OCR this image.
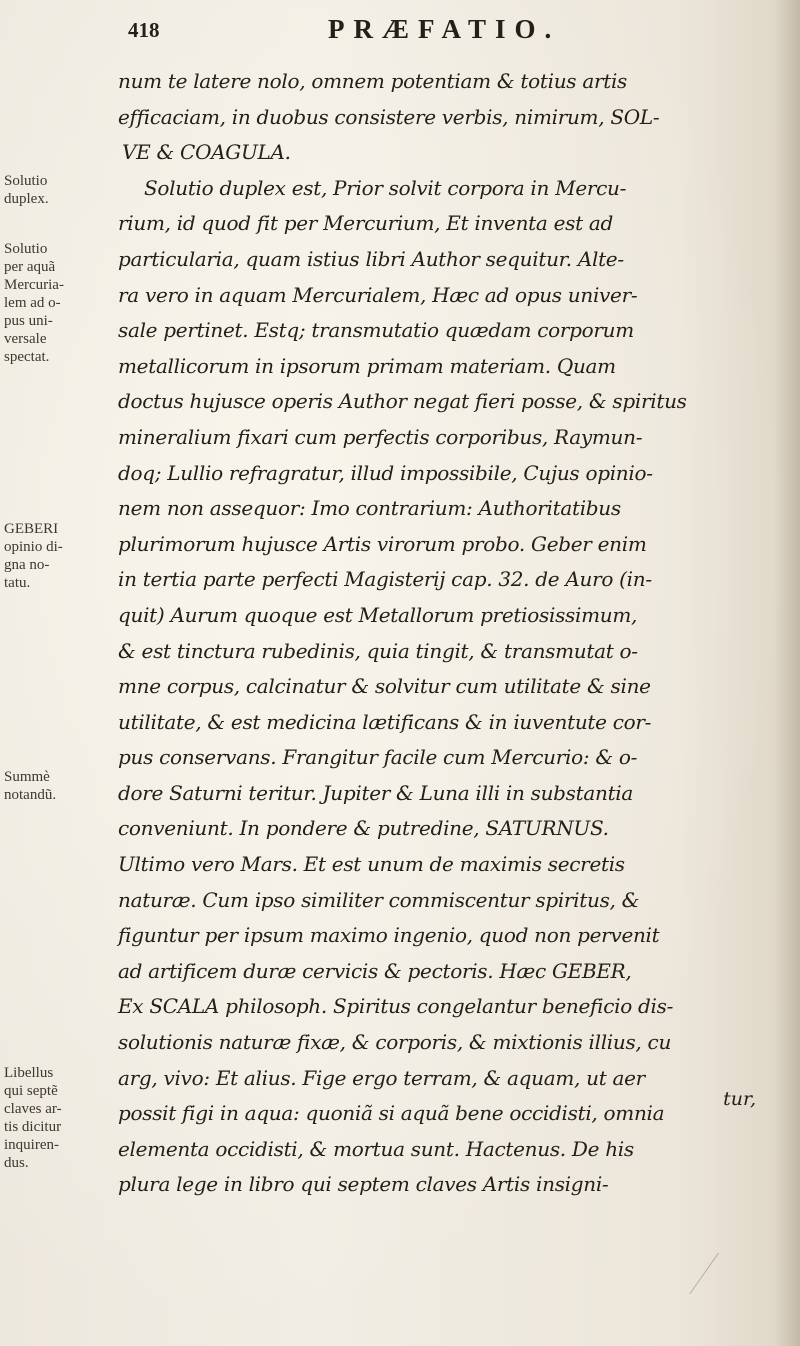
418	PRÆFATIO.
Solutio
duplex.
Solutio
per aquã
Mercuria-
lem ad o-
pus uni-
versale
spectat.
GEBERI
opinio di-
gna no-
tatu.
Summè
notandũ.
Libellus
qui septẽ
claves ar-
tis dicitur
inquiren-
dus.
num te latere nolo, omnem potentiam & totius artis
efficaciam, in duobus consistere verbis, nimirum, SOL-
VE & COAGULA.
Solutio duplex est, Prior solvit corpora in Mercu-
rium, id quod fit per Mercurium, Et inventa est ad
particularia, quam istius libri Author sequitur. Alte-
ra vero in aquam Mercurialem, Hæc ad opus univer-
sale pertinet. Estq; transmutatio quædam corporum
metallicorum in ipsorum primam materiam. Quam
doctus hujusce operis Author negat fieri posse, & spiritus
mineralium fixari cum perfectis corporibus, Raymun-
doq; Lullio refragratur, illud impossibile, Cujus opinio-
nem non assequor: Imo contrarium: Authoritatibus
plurimorum hujusce Artis virorum probo. Geber enim
in tertia parte perfecti Magisterij cap. 32. de Auro (in-
quit) Aurum quoque est Metallorum pretiosissimum,
& est tinctura rubedinis, quia tingit, & transmutat o-
mne corpus, calcinatur & solvitur cum utilitate & sine
utilitate, & est medicina lætificans & in iuventute cor-
pus conservans. Frangitur facile cum Mercurio: & o-
dore Saturni teritur. Jupiter & Luna illi in substantia
conveniunt. In pondere & putredine, SATURNUS.
Ultimo vero Mars. Et est unum de maximis secretis
naturæ. Cum ipso similiter commiscentur spiritus, &
figuntur per ipsum maximo ingenio, quod non pervenit
ad artificem duræ cervicis & pectoris. Hæc GEBER,
Ex SCALA philosoph. Spiritus congelantur beneficio dis-
solutionis naturæ fixæ, & corporis, & mixtionis illius, cu
arg, vivo: Et alius. Fige ergo terram, & aquam, ut aer
possit figi in aqua: quoniã si aquã bene occidisti, omnia
elementa occidisti, & mortua sunt. Hactenus. De his
plura lege in libro qui septem claves Artis insigni-
tur,
